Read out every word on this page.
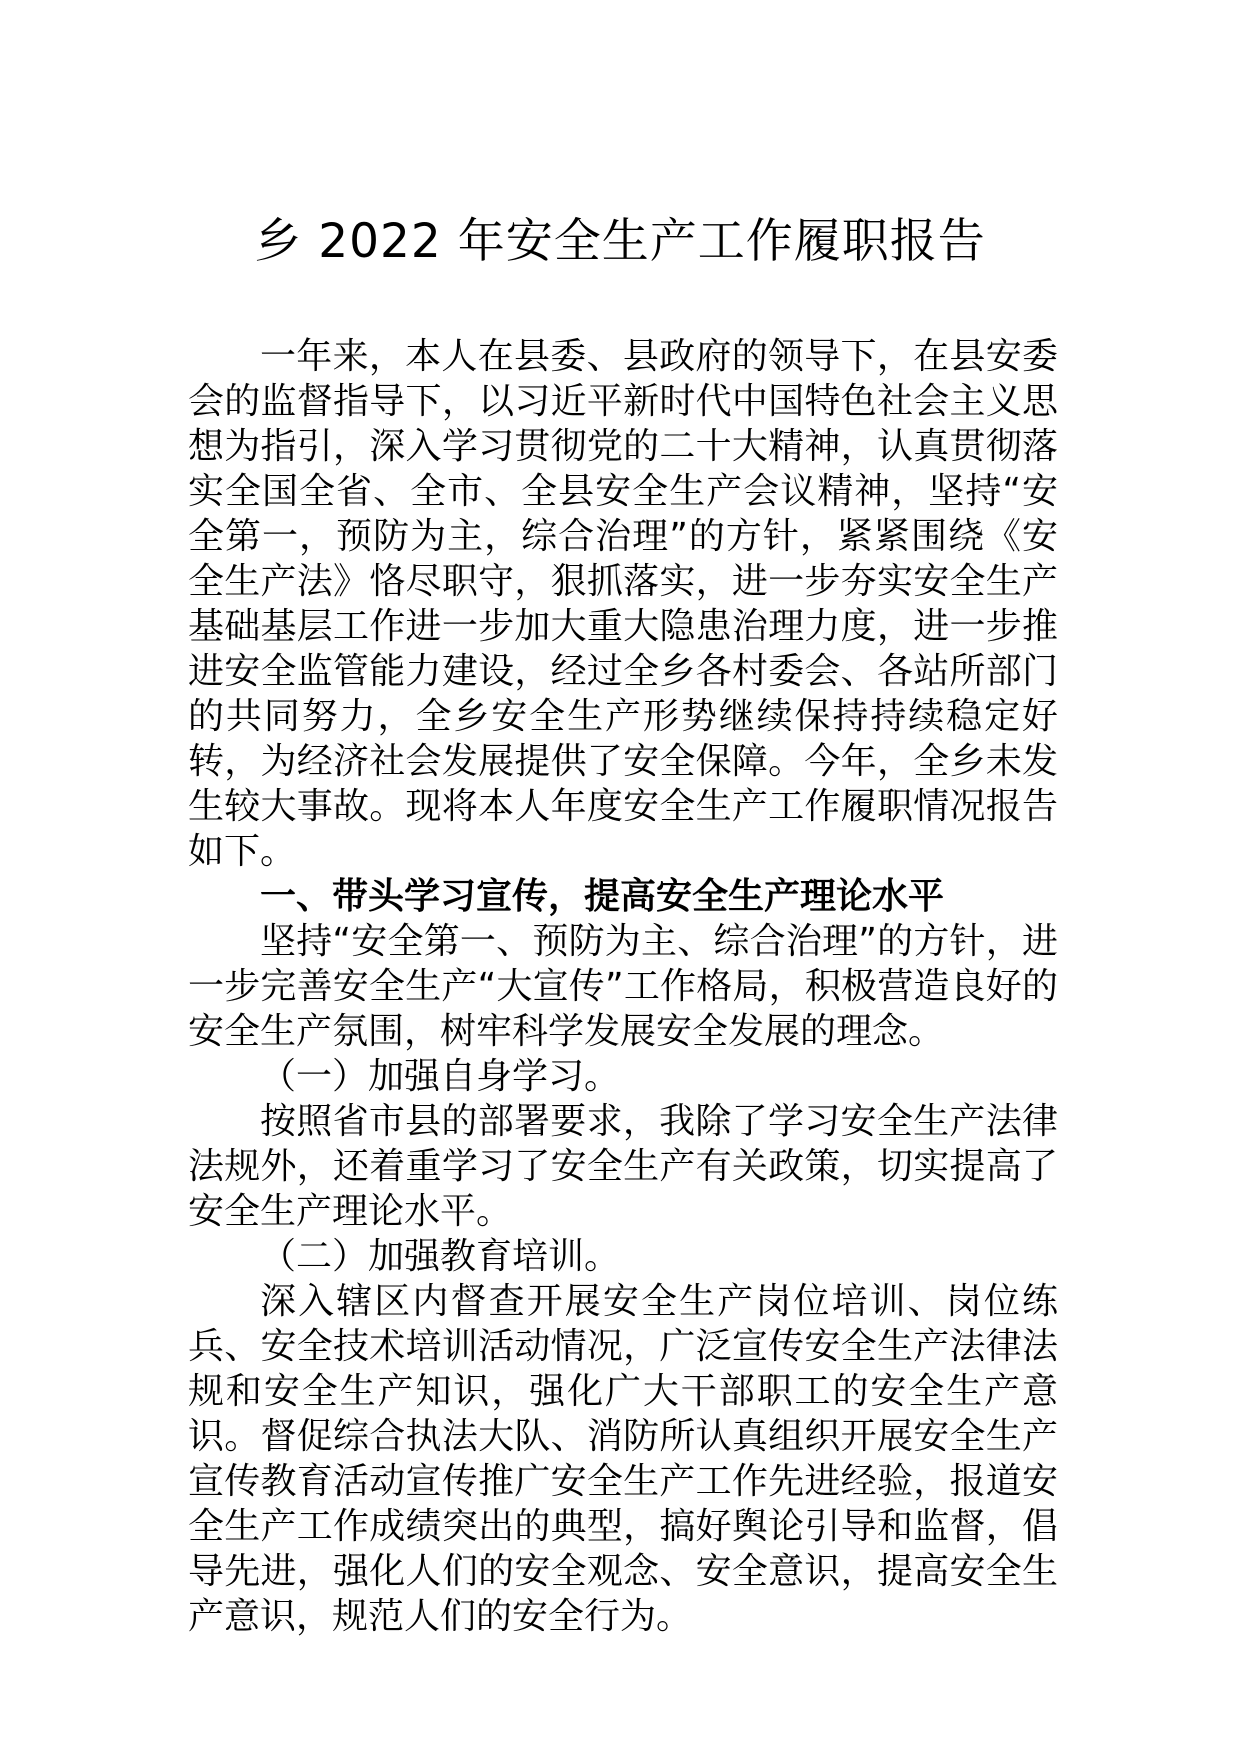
乡 2022 年安全生产工作履职报告

一年来，本人在县委、县政府的领导下，在县安委会的监督指导下，以习近平新时代中国特色社会主义思想为指引，深入学习贯彻党的二十大精神，认真贯彻落实全国全省、全市、全县安全生产会议精神，坚持“安全第一，预防为主，综合治理”的方针，紧紧围绕《安全生产法》恪尽职守，狠抓落实，进一步夯实安全生产基础基层工作进一步加大重大隐患治理力度，进一步推进安全监管能力建设，经过全乡各村委会、各站所部门的共同努力，全乡安全生产形势继续保持持续稳定好转，为经济社会发展提供了安全保障。今年，全乡未发生较大事故。现将本人年度安全生产工作履职情况报告如下。

一、带头学习宣传，提高安全生产理论水平

坚持“安全第一、预防为主、综合治理”的方针，进一步完善安全生产“大宣传”工作格局，积极营造良好的安全生产氛围，树牢科学发展安全发展的理念。

（一）加强自身学习。

按照省市县的部署要求，我除了学习安全生产法律法规外，还着重学习了安全生产有关政策，切实提高了安全生产理论水平。

（二）加强教育培训。

深入辖区内督查开展安全生产岗位培训、岗位练兵、安全技术培训活动情况，广泛宣传安全生产法律法规和安全生产知识，强化广大干部职工的安全生产意识。督促综合执法大队、消防所认真组织开展安全生产宣传教育活动宣传推广安全生产工作先进经验，报道安全生产工作成绩突出的典型，搞好舆论引导和监督，倡导先进，强化人们的安全观念、安全意识，提高安全生产意识，规范人们的安全行为。
